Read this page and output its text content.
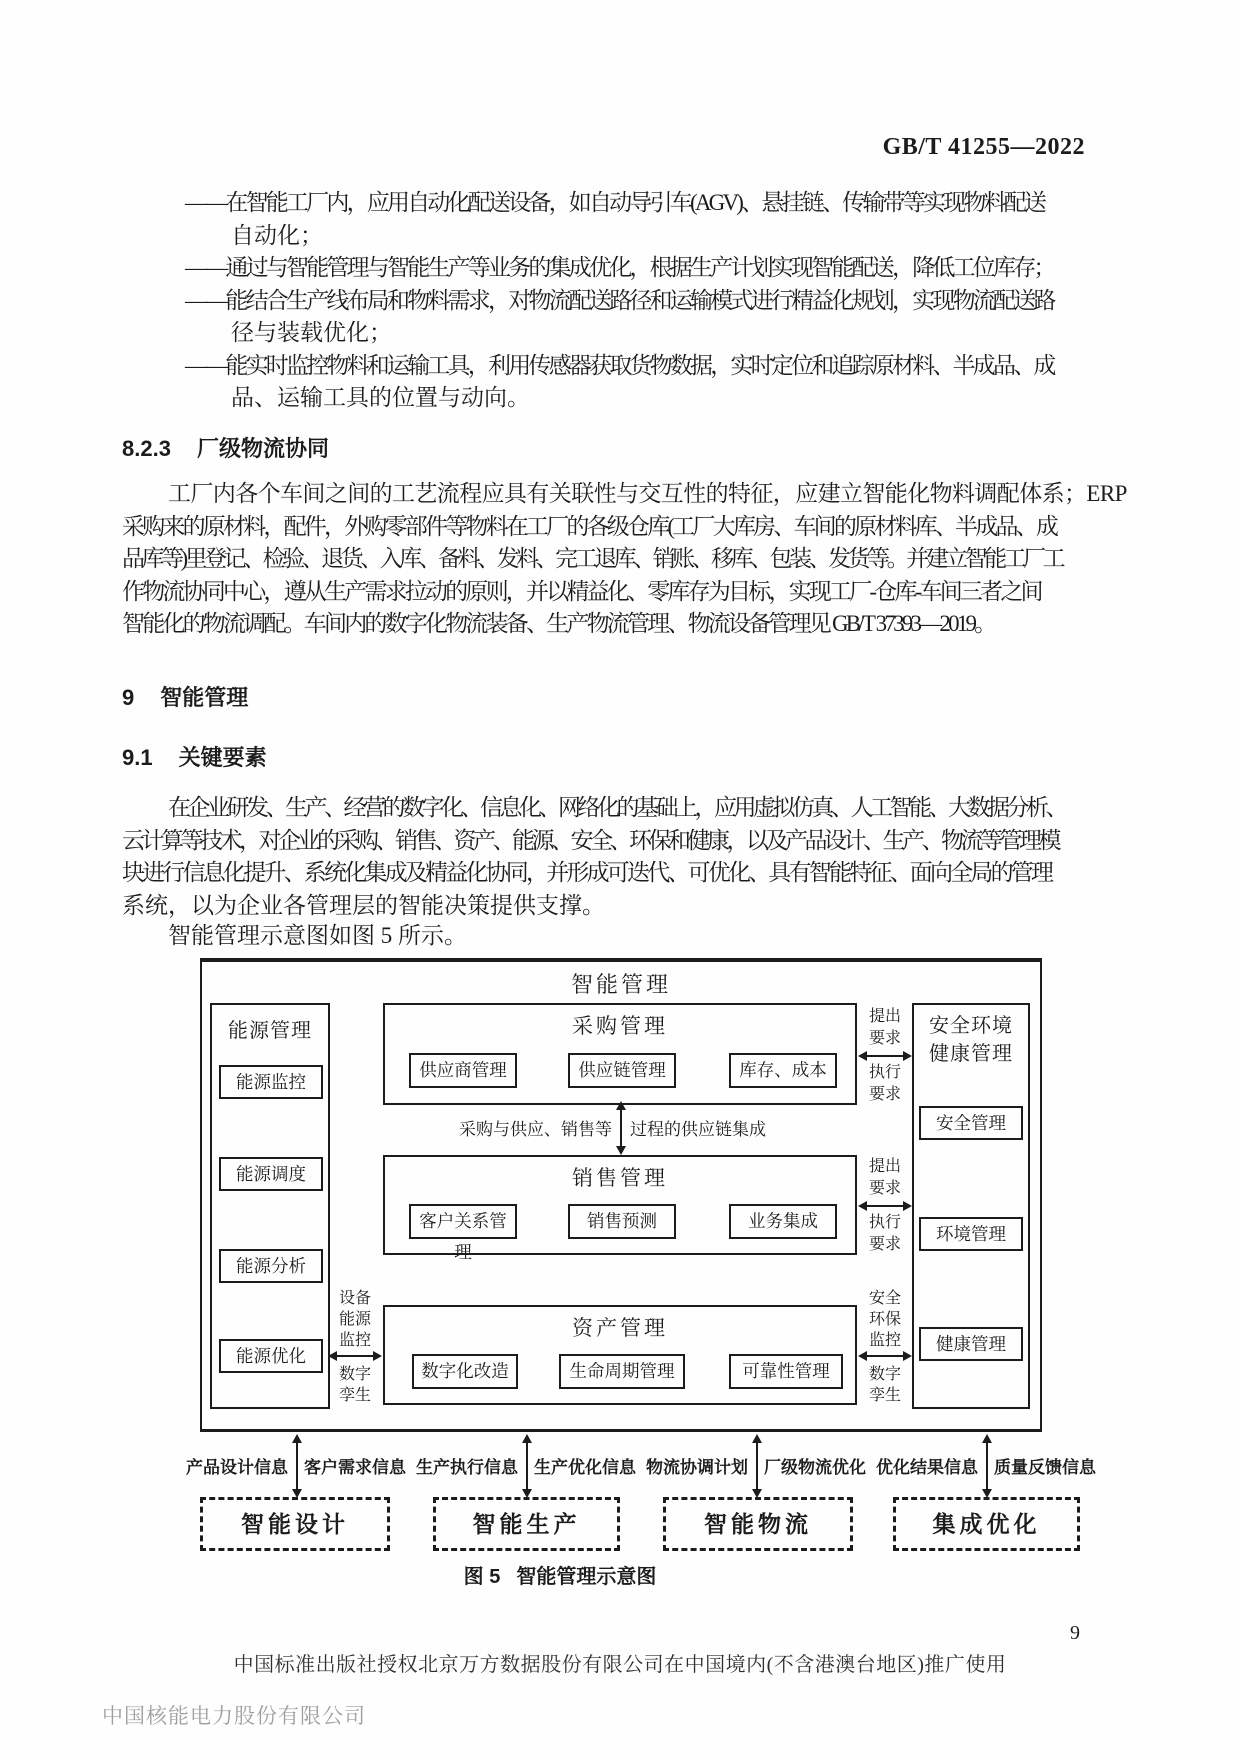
GB/T 41255—2022
——在智能工厂内，应用自动化配送设备，如自动导引车(AGV)、悬挂链、传输带等实现物料配送
自动化；
——通过与智能管理与智能生产等业务的集成优化，根据生产计划实现智能配送，降低工位库存；
——能结合生产线布局和物料需求，对物流配送路径和运输模式进行精益化规划，实现物流配送路
径与装载优化；
——能实时监控物料和运输工具，利用传感器获取货物数据，实时定位和追踪原材料、半成品、成
品、运输工具的位置与动向。
8.2.3 厂级物流协同
工厂内各个车间之间的工艺流程应具有关联性与交互性的特征，应建立智能化物料调配体系；ERP
采购来的原材料，配件，外购零部件等物料在工厂的各级仓库(工厂大库房、车间的原材料库、半成品、成
品库等)里登记、检验、退货、入库、备料、发料、完工退库、销账、移库、包装、发货等。并建立智能工厂工
作物流协同中心，遵从生产需求拉动的原则，并以精益化、零库存为目标，实现工厂-仓库-车间三者之间
智能化的物流调配。车间内的数字化物流装备、生产物流管理、物流设备管理见 GB/T 37393—2019。
9 智能管理
9.1 关键要素
在企业研发、生产、经营的数字化、信息化、网络化的基础上，应用虚拟仿真、人工智能、大数据分析、
云计算等技术，对企业的采购、销售、资产、能源、安全、环保和健康，以及产品设计、生产、物流等管理模
块进行信息化提升、系统化集成及精益化协同，并形成可迭代、可优化、具有智能特征、面向全局的管理
系统，以为企业各管理层的智能决策提供支撑。
智能管理示意图如图 5 所示。
智能管理
能源管理
能源监控
能源调度
能源分析
能源优化
采购管理
供应商管理	供应链管理	库存、成本
采购与供应、销售等 过程的供应链集成
销售管理
客户关系管理
销售预测	业务集成
资产管理
数字化改造	生命周期管理	可靠性管理
安全环境
健康管理
安全管理
环境管理
健康管理
提出
要求
执行
要求
提出
要求
执行
要求
安全
环保
监控
数字
孪生
设备
能源
监控
数字
孪生
产品设计信息 客户需求信息 生产执行信息 生产优化信息 物流协调计划 厂级物流优化 优化结果信息 质量反馈信息
智能设计	智能生产	智能物流	集成优化
图 5 智能管理示意图
9
中国标准出版社授权北京万方数据股份有限公司在中国境内(不含港澳台地区)推广使用
中国核能电力股份有限公司
